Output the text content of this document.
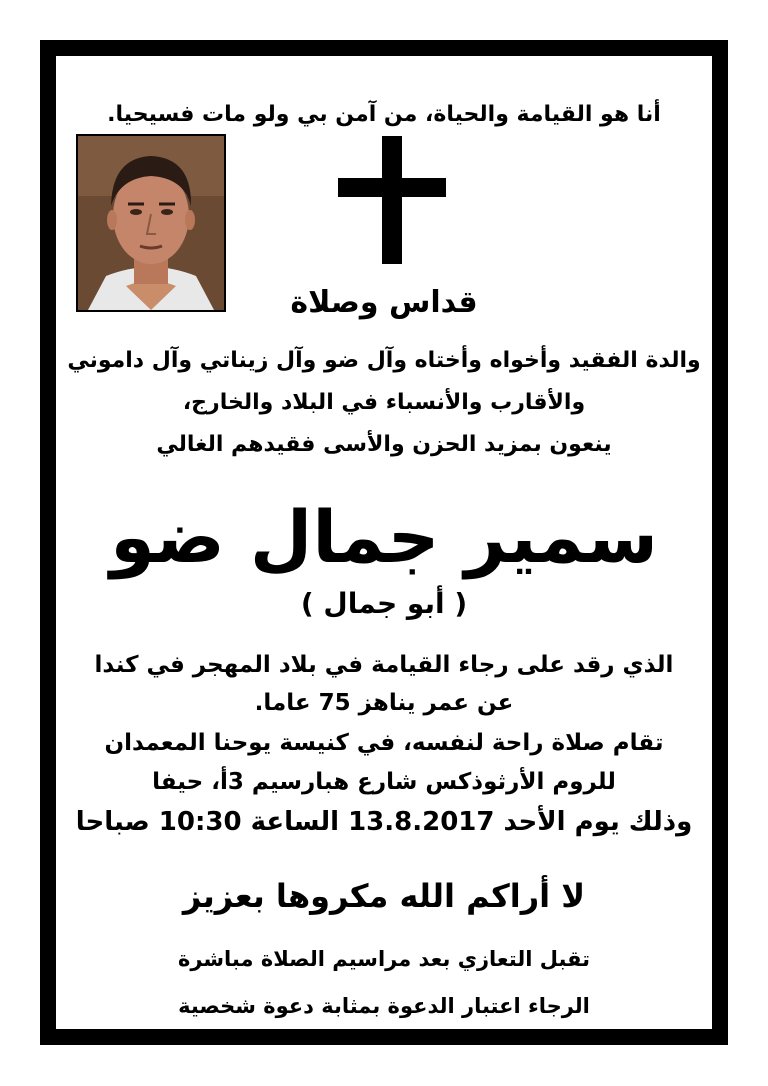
أنا هو القيامة والحياة، من آمن بي ولو مات فسيحيا.
قداس وصلاة
والدة الفقيد وأخواه وأختاه وآل ضو وآل زيناتي وآل داموني
والأقارب والأنسباء في البلاد والخارج،
ينعون بمزيد الحزن والأسى فقيدهم الغالي
سمير جمال ضو
( أبو جمال )
الذي رقد على رجاء القيامة في بلاد المهجر في كندا
عن عمر يناهز 75 عاما.
تقام صلاة راحة لنفسه، في كنيسة يوحنا المعمدان
للروم الأرثوذكس شارع هبارسيم 3أ، حيفا
وذلك يوم الأحد 13.8.2017 الساعة 10:30 صباحا
لا أراكم الله مكروها بعزيز
تقبل التعازي بعد مراسيم الصلاة مباشرة
الرجاء اعتبار الدعوة بمثابة دعوة شخصية
